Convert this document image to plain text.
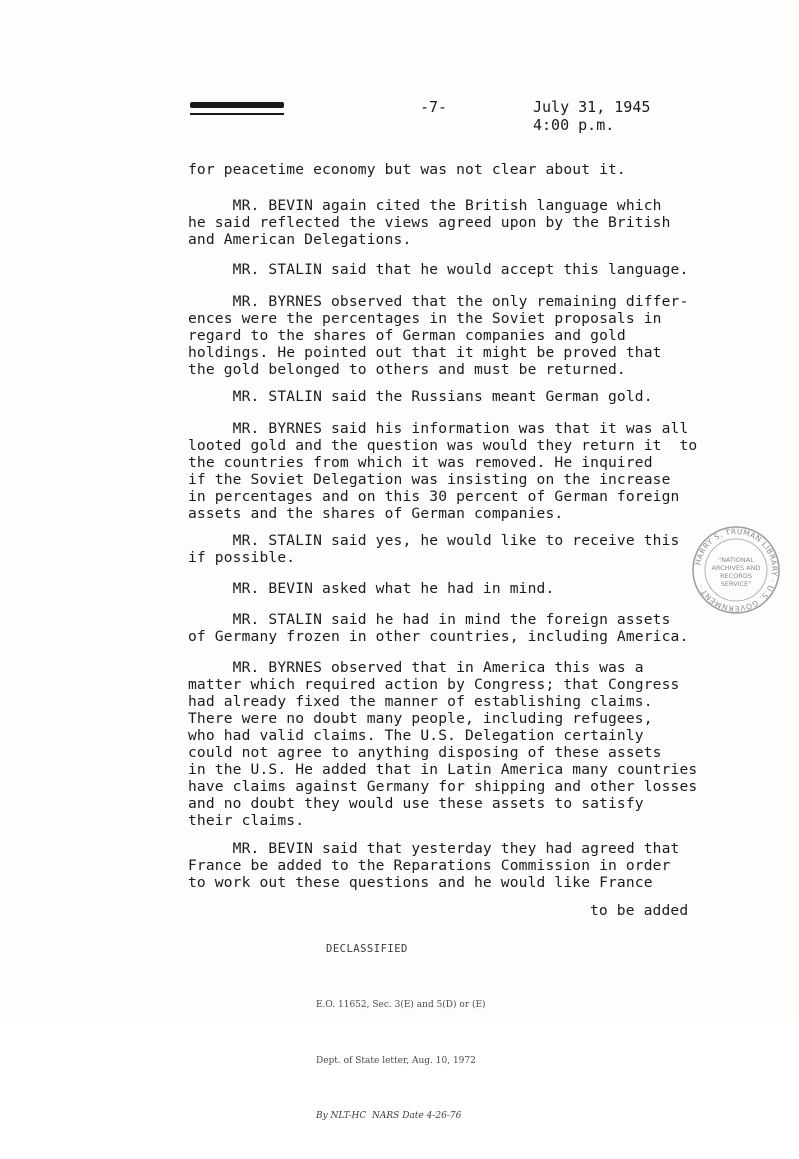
-7-	July 31, 1945
4:00 p.m.
for peacetime economy but was not clear about it.
MR. BEVIN again cited the British language which
he said reflected the views agreed upon by the British
and American Delegations.
MR. STALIN said that he would accept this language.
MR. BYRNES observed that the only remaining differ-
ences were the percentages in the Soviet proposals in
regard to the shares of German companies and gold
holdings. He pointed out that it might be proved that
the gold belonged to others and must be returned.
MR. STALIN said the Russians meant German gold.
MR. BYRNES said his information was that it was all
looted gold and the question was would they return it  to
the countries from which it was removed. He inquired
if the Soviet Delegation was insisting on the increase
in percentages and on this 30 percent of German foreign
assets and the shares of German companies.
MR. STALIN said yes, he would like to receive this
if possible.
MR. BEVIN asked what he had in mind.
MR. STALIN said he had in mind the foreign assets
of Germany frozen in other countries, including America.
MR. BYRNES observed that in America this was a
matter which required action by Congress; that Congress
had already fixed the manner of establishing claims.
There were no doubt many people, including refugees,
who had valid claims. The U.S. Delegation certainly
could not agree to anything disposing of these assets
in the U.S. He added that in Latin America many countries
have claims against Germany for shipping and other losses
and no doubt they would use these assets to satisfy
their claims.
MR. BEVIN said that yesterday they had agreed that
France be added to the Reparations Commission in order
to work out these questions and he would like France
to be added

DECLASSIFIED

E.O. 11652, Sec. 3(E) and 5(D) or (E)

Dept. of State letter, Aug. 10, 1972

By NLT-HC  NARS Date 4-26-76

HARRY S. TRUMAN LIBRARY · U.S. GOVERNMENT ·
"NATIONAL
ARCHIVES AND
RECORDS
SERVICE"
